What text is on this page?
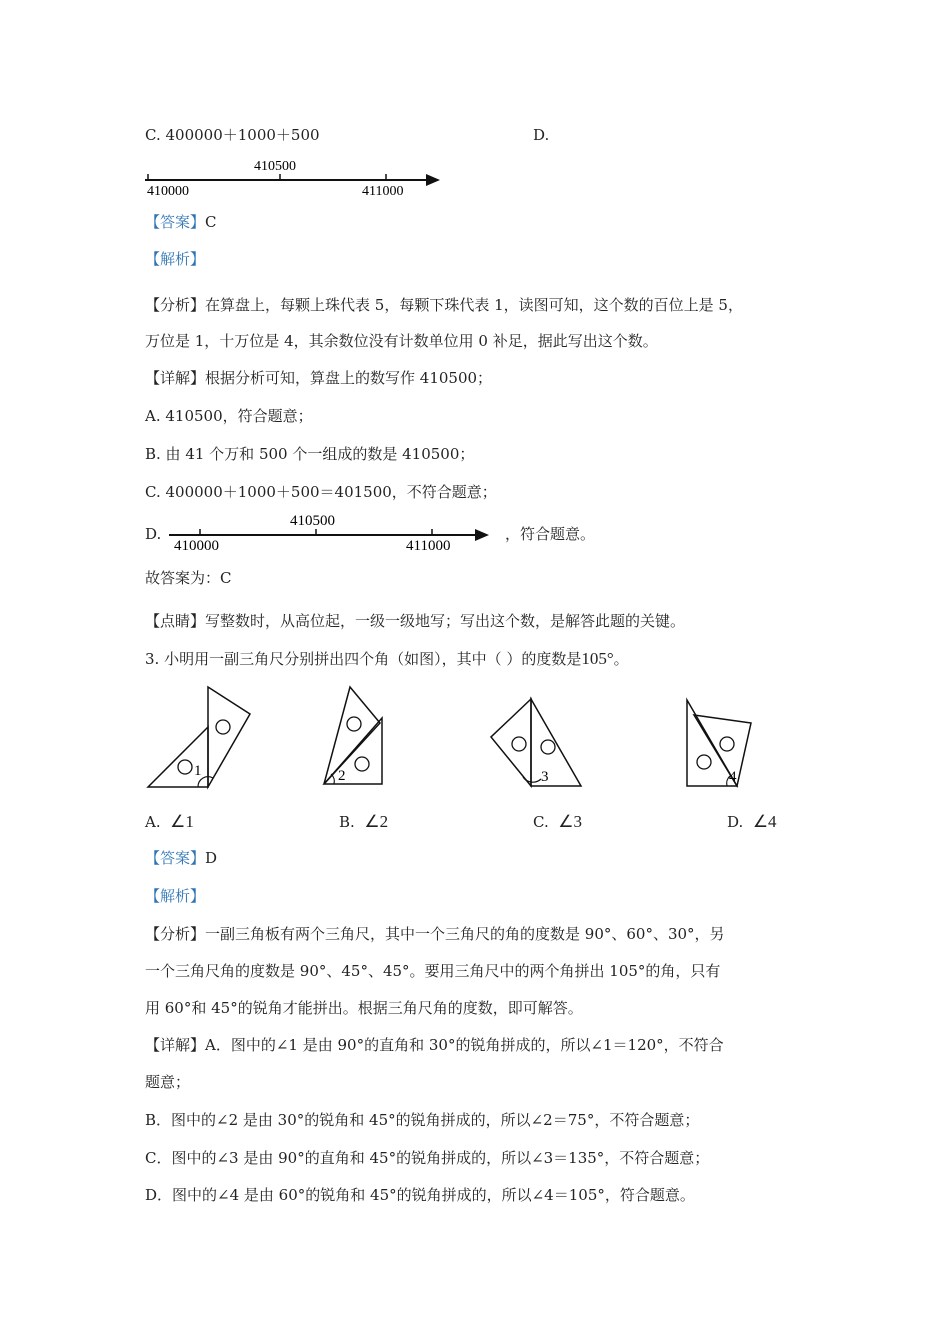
C. 400000＋1000＋500	D.
410000
410500
411000
【答案】C
【解析】
【分析】在算盘上，每颗上珠代表 5，每颗下珠代表 1，读图可知，这个数的百位上是 5，
万位是 1，十万位是 4，其余数位没有计数单位用 0 补足，据此写出这个数。
【详解】根据分析可知，算盘上的数写作 410500；
A. 410500，符合题意；
B. 由 41 个万和 500 个一组成的数是 410500；
C. 400000＋1000＋500＝401500，不符合题意；
D.
410000
410500
411000
，符合题意。
故答案为：C
【点睛】写整数时，从高位起，一级一级地写；写出这个数，是解答此题的关键。
3. 小明用一副三角尺分别拼出四个角（如图），其中（ ）的度数是105°。
1	2	3	4
A. ∠1	B. ∠2	C. ∠3	D. ∠4
【答案】D
【解析】
【分析】一副三角板有两个三角尺，其中一个三角尺的角的度数是 90°、60°、30°，另
一个三角尺角的度数是 90°、45°、45°。要用三角尺中的两个角拼出 105°的角，只有
用 60°和 45°的锐角才能拼出。根据三角尺角的度数，即可解答。
【详解】A．图中的∠1 是由 90°的直角和 30°的锐角拼成的，所以∠1＝120°，不符合
题意；
B．图中的∠2 是由 30°的锐角和 45°的锐角拼成的，所以∠2＝75°，不符合题意；
C．图中的∠3 是由 90°的直角和 45°的锐角拼成的，所以∠3＝135°，不符合题意；
D．图中的∠4 是由 60°的锐角和 45°的锐角拼成的，所以∠4＝105°，符合题意。
